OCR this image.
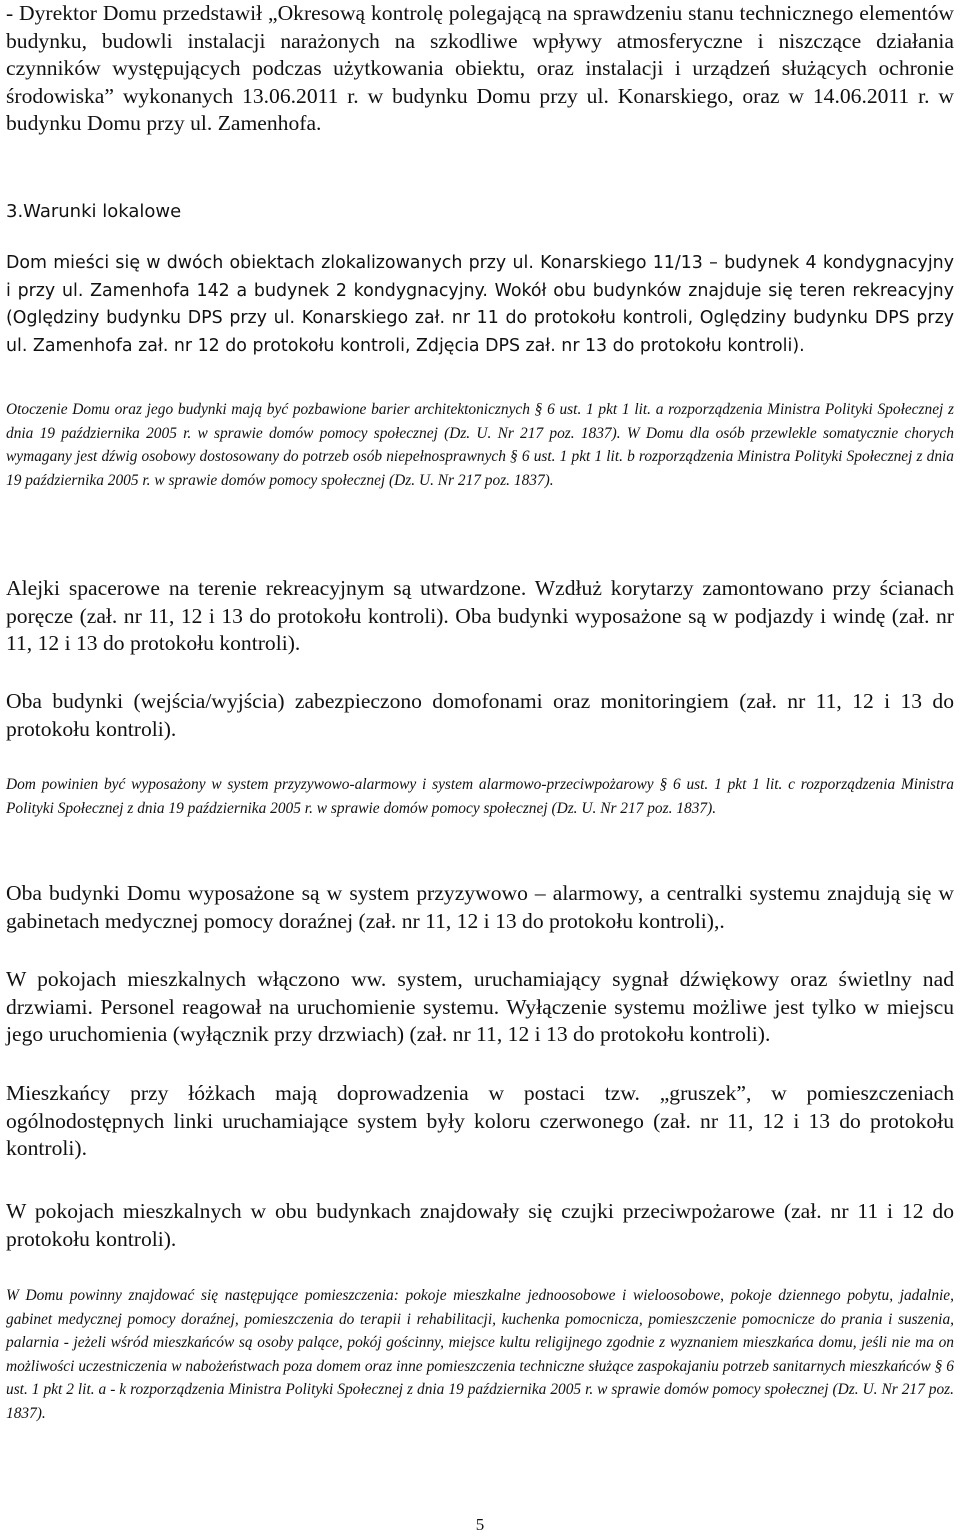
- Dyrektor Domu przedstawił „Okresową kontrolę polegającą na sprawdzeniu stanu technicznego elementów budynku, budowli instalacji narażonych na szkodliwe wpływy atmosferyczne i niszczące działania czynników występujących podczas użytkowania obiektu, oraz instalacji i urządzeń służących ochronie środowiska” wykonanych 13.06.2011 r. w budynku Domu przy ul. Konarskiego, oraz w 14.06.2011 r. w budynku Domu przy ul. Zamenhofa.

3.Warunki lokalowe

Dom mieści się w dwóch obiektach zlokalizowanych przy ul. Konarskiego 11/13 – budynek 4 kondygnacyjny i przy ul. Zamenhofa 142 a budynek 2 kondygnacyjny. Wokół obu budynków znajduje się teren rekreacyjny (Oględziny budynku DPS przy ul. Konarskiego zał. nr 11 do protokołu kontroli, Oględziny budynku DPS przy ul. Zamenhofa zał. nr 12 do protokołu kontroli, Zdjęcia DPS zał. nr 13 do protokołu kontroli).

Otoczenie Domu oraz jego budynki mają być pozbawione barier architektonicznych § 6 ust. 1 pkt 1 lit. a rozporządzenia Ministra Polityki Społecznej z dnia 19 października 2005 r. w sprawie domów pomocy społecznej (Dz. U. Nr 217 poz. 1837). W Domu dla osób przewlekle somatycznie chorych wymagany jest dźwig osobowy dostosowany do potrzeb osób niepełnosprawnych § 6 ust. 1 pkt 1 lit. b rozporządzenia Ministra Polityki Społecznej z dnia 19 października 2005 r. w sprawie domów pomocy społecznej (Dz. U. Nr 217 poz. 1837).

Alejki spacerowe na terenie rekreacyjnym są utwardzone. Wzdłuż korytarzy zamontowano przy ścianach poręcze (zał. nr 11, 12 i 13 do protokołu kontroli). Oba budynki wyposażone są w podjazdy i windę (zał. nr 11, 12 i 13 do protokołu kontroli).

Oba budynki (wejścia/wyjścia) zabezpieczono domofonami oraz monitoringiem (zał. nr 11, 12 i 13 do protokołu kontroli).

Dom powinien być wyposażony w system przyzywowo-alarmowy i system alarmowo-przeciwpożarowy § 6 ust. 1 pkt 1 lit. c rozporządzenia Ministra Polityki Społecznej z dnia 19 października 2005 r. w sprawie domów pomocy społecznej (Dz. U. Nr 217 poz. 1837).

Oba budynki Domu wyposażone są w system przyzywowo – alarmowy, a centralki systemu znajdują się w gabinetach medycznej pomocy doraźnej (zał. nr 11, 12 i 13 do protokołu kontroli),.

W pokojach mieszkalnych włączono ww. system, uruchamiający sygnał dźwiękowy oraz świetlny nad drzwiami. Personel reagował na uruchomienie systemu. Wyłączenie systemu możliwe jest tylko w miejscu jego uruchomienia (wyłącznik przy drzwiach) (zał. nr 11, 12 i 13 do protokołu kontroli).

Mieszkańcy przy łóżkach mają doprowadzenia w postaci tzw. „gruszek”, w pomieszczeniach ogólnodostępnych linki uruchamiające system były koloru czerwonego (zał. nr 11, 12 i 13 do protokołu kontroli).

W pokojach mieszkalnych w obu budynkach znajdowały się czujki przeciwpożarowe (zał. nr 11 i 12 do protokołu kontroli).

W Domu powinny znajdować się następujące pomieszczenia: pokoje mieszkalne jednoosobowe i wieloosobowe, pokoje dziennego pobytu, jadalnie, gabinet medycznej pomocy doraźnej, pomieszczenia do terapii i rehabilitacji, kuchenka pomocnicza, pomieszczenie pomocnicze do prania i suszenia, palarnia - jeżeli wśród mieszkańców są osoby palące, pokój gościnny, miejsce kultu religijnego zgodnie z wyznaniem mieszkańca domu, jeśli nie ma on możliwości uczestniczenia w nabożeństwach poza domem oraz inne pomieszczenia techniczne służące zaspokajaniu potrzeb sanitarnych mieszkańców § 6 ust. 1 pkt 2 lit. a - k rozporządzenia Ministra Polityki Społecznej z dnia 19 października 2005 r. w sprawie domów pomocy społecznej (Dz. U. Nr 217 poz. 1837).

5
